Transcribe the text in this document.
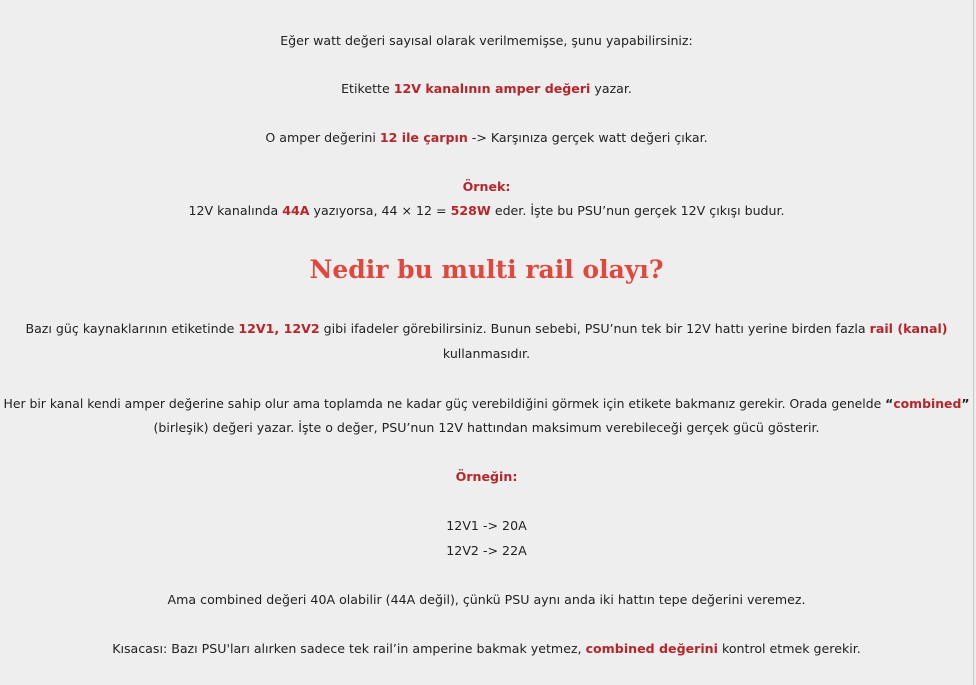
Eğer watt değeri sayısal olarak verilmemişse, şunu yapabilirsiniz:
Etikette 12V kanalının amper değeri yazar.
O amper değerini 12 ile çarpın -> Karşınıza gerçek watt değeri çıkar.
Örnek:
12V kanalında 44A yazıyorsa, 44 × 12 = 528W eder. İşte bu PSU’nun gerçek 12V çıkışı budur.
Nedir bu multi rail olayı?
Bazı güç kaynaklarının etiketinde 12V1, 12V2 gibi ifadeler görebilirsiniz. Bunun sebebi, PSU’nun tek bir 12V hattı yerine birden fazla rail (kanal)
kullanmasıdır.
Her bir kanal kendi amper değerine sahip olur ama toplamda ne kadar güç verebildiğini görmek için etikete bakmanız gerekir. Orada genelde “combined”
(birleşik) değeri yazar. İşte o değer, PSU’nun 12V hattından maksimum verebileceği gerçek gücü gösterir.
Örneğin:
12V1 -> 20A
12V2 -> 22A
Ama combined değeri 40A olabilir (44A değil), çünkü PSU aynı anda iki hattın tepe değerini veremez.
Kısacası: Bazı PSU'ları alırken sadece tek rail’in amperine bakmak yetmez, combined değerini kontrol etmek gerekir.
